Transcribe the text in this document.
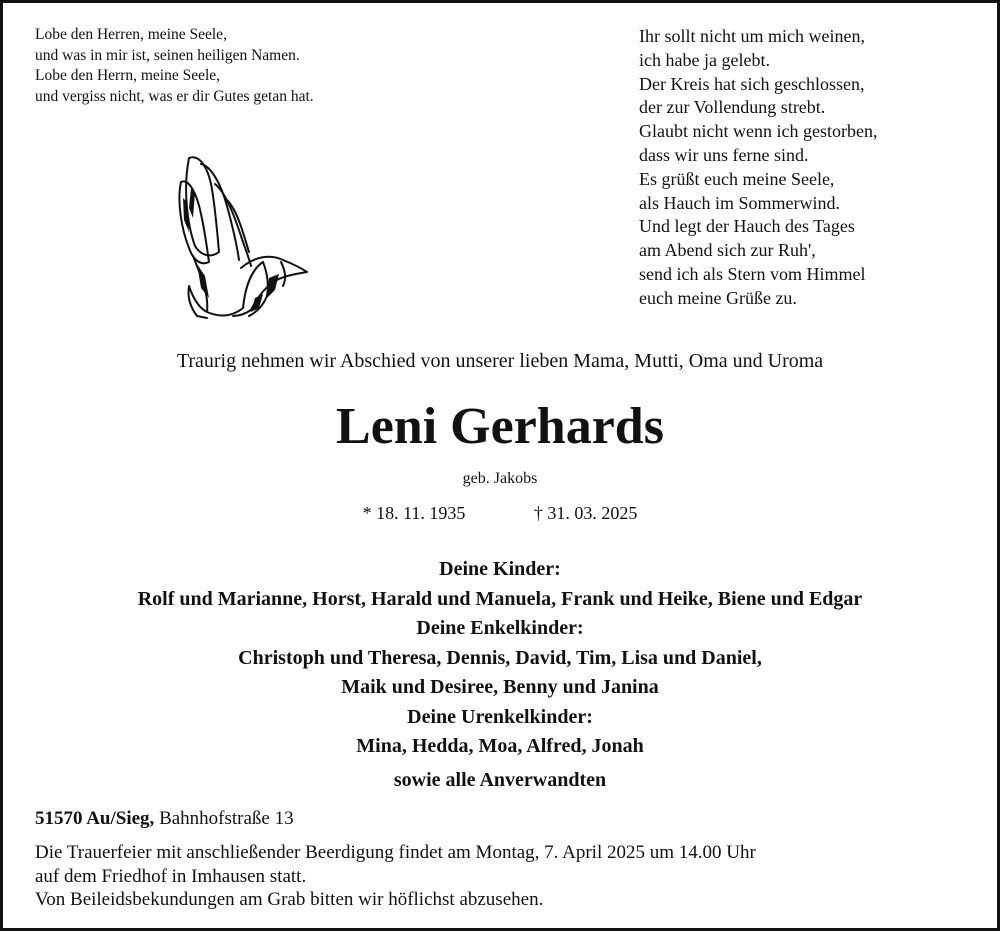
Lobe den Herren, meine Seele,
und was in mir ist, seinen heiligen Namen.
Lobe den Herrn, meine Seele,
und vergiss nicht, was er dir Gutes getan hat.
Ihr sollt nicht um mich weinen,
ich habe ja gelebt.
Der Kreis hat sich geschlossen,
der zur Vollendung strebt.
Glaubt nicht wenn ich gestorben,
dass wir uns ferne sind.
Es grüßt euch meine Seele,
als Hauch im Sommerwind.
Und legt der Hauch des Tages
am Abend sich zur Ruh',
send ich als Stern vom Himmel
euch meine Grüße zu.
Traurig nehmen wir Abschied von unserer lieben Mama, Mutti, Oma und Uroma
Leni Gerhards
geb. Jakobs
* 18. 11. 1935	† 31. 03. 2025
Deine Kinder:
Rolf und Marianne, Horst, Harald und Manuela, Frank und Heike, Biene und Edgar
Deine Enkelkinder:
Christoph und Theresa, Dennis, David, Tim, Lisa und Daniel,
Maik und Desiree, Benny und Janina
Deine Urenkelkinder:
Mina, Hedda, Moa, Alfred, Jonah
sowie alle Anverwandten
51570 Au/Sieg, Bahnhofstraße 13
Die Trauerfeier mit anschließender Beerdigung findet am Montag, 7. April 2025 um 14.00 Uhr
auf dem Friedhof in Imhausen statt.
Von Beileidsbekundungen am Grab bitten wir höflichst abzusehen.
